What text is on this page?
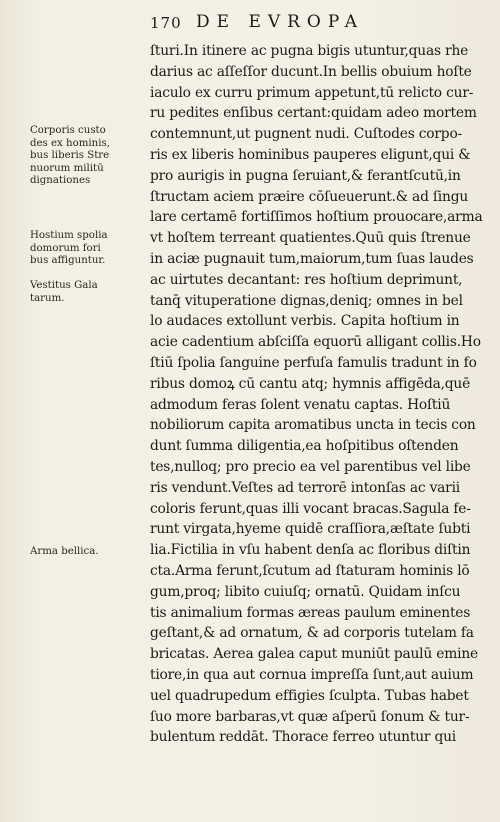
170 DE EVROPA
Corporis custo
des ex hominis,
bus liberis Stre
nuorum militū
dignationes
Hostium spolia
domorum fori
bus affiguntur.
Vestitus Gala
tarum.
Arma bellica.
ſturi.In itinere ac pugna bigis utuntur,quas rhe
darius ac aſſeſſor ducunt.In bellis obuium hoſte
iaculo ex curru primum appetunt,tū relicto cur-
ru pedites enſibus certant:quidam adeo mortem
contemnunt,ut pugnent nudi. Cuſtodes corpo-
ris ex liberis hominibus pauperes eligunt,qui &
pro aurigis in pugna ſeruiant,& ferantſcutū,in
ſtructam aciem præire cōſueuerunt.& ad ſingu
lare certamē fortiſſimos hoſtium prouocare,arma
vt hoſtem terreant quatientes.Quū quis ſtrenue
in aciæ pugnauit tum,maiorum,tum ſuas laudes
ac uirtutes decantant: res hoſtium deprimunt,
tanq̄ vituperatione dignas,deniq; omnes in bel
lo audaces extollunt verbis. Capita hoſtium in
acie cadentium abſciſſa equorū alligant collis.Ho
ſtiū ſpolia ſanguine perfuſa famulis tradunt in fo
ribus domoꝝ cū cantu atq; hymnis affigēda,quē
admodum feras ſolent venatu captas. Hoſtiū
nobiliorum capita aromatibus uncta in tecis con
dunt ſumma diligentia,ea hoſpitibus oſtenden
tes,nulloq; pro precio ea vel parentibus vel libe
ris vendunt.Veſtes ad terrorē intonſas ac varii
coloris ferunt,quas illi vocant bracas.Sagula fe-
runt virgata,hyeme quidē craſſiora,æſtate ſubti
lia.Fictilia in vſu habent denſa ac floribus diſtin
cta.Arma ferunt,ſcutum ad ſtaturam hominis lō
gum,proq; libito cuiuſq; ornatū. Quidam inſcu
tis animalium formas æreas paulum eminentes
geſtant,& ad ornatum, & ad corporis tutelam fa
bricatas. Aerea galea caput muniūt paulū emine
tiore,in qua aut cornua impreſſa ſunt,aut auium
uel quadrupedum effigies ſculpta. Tubas habet
ſuo more barbaras,vt quæ aſperū ſonum & tur-
bulentum reddāt. Thorace ferreo utuntur qui
